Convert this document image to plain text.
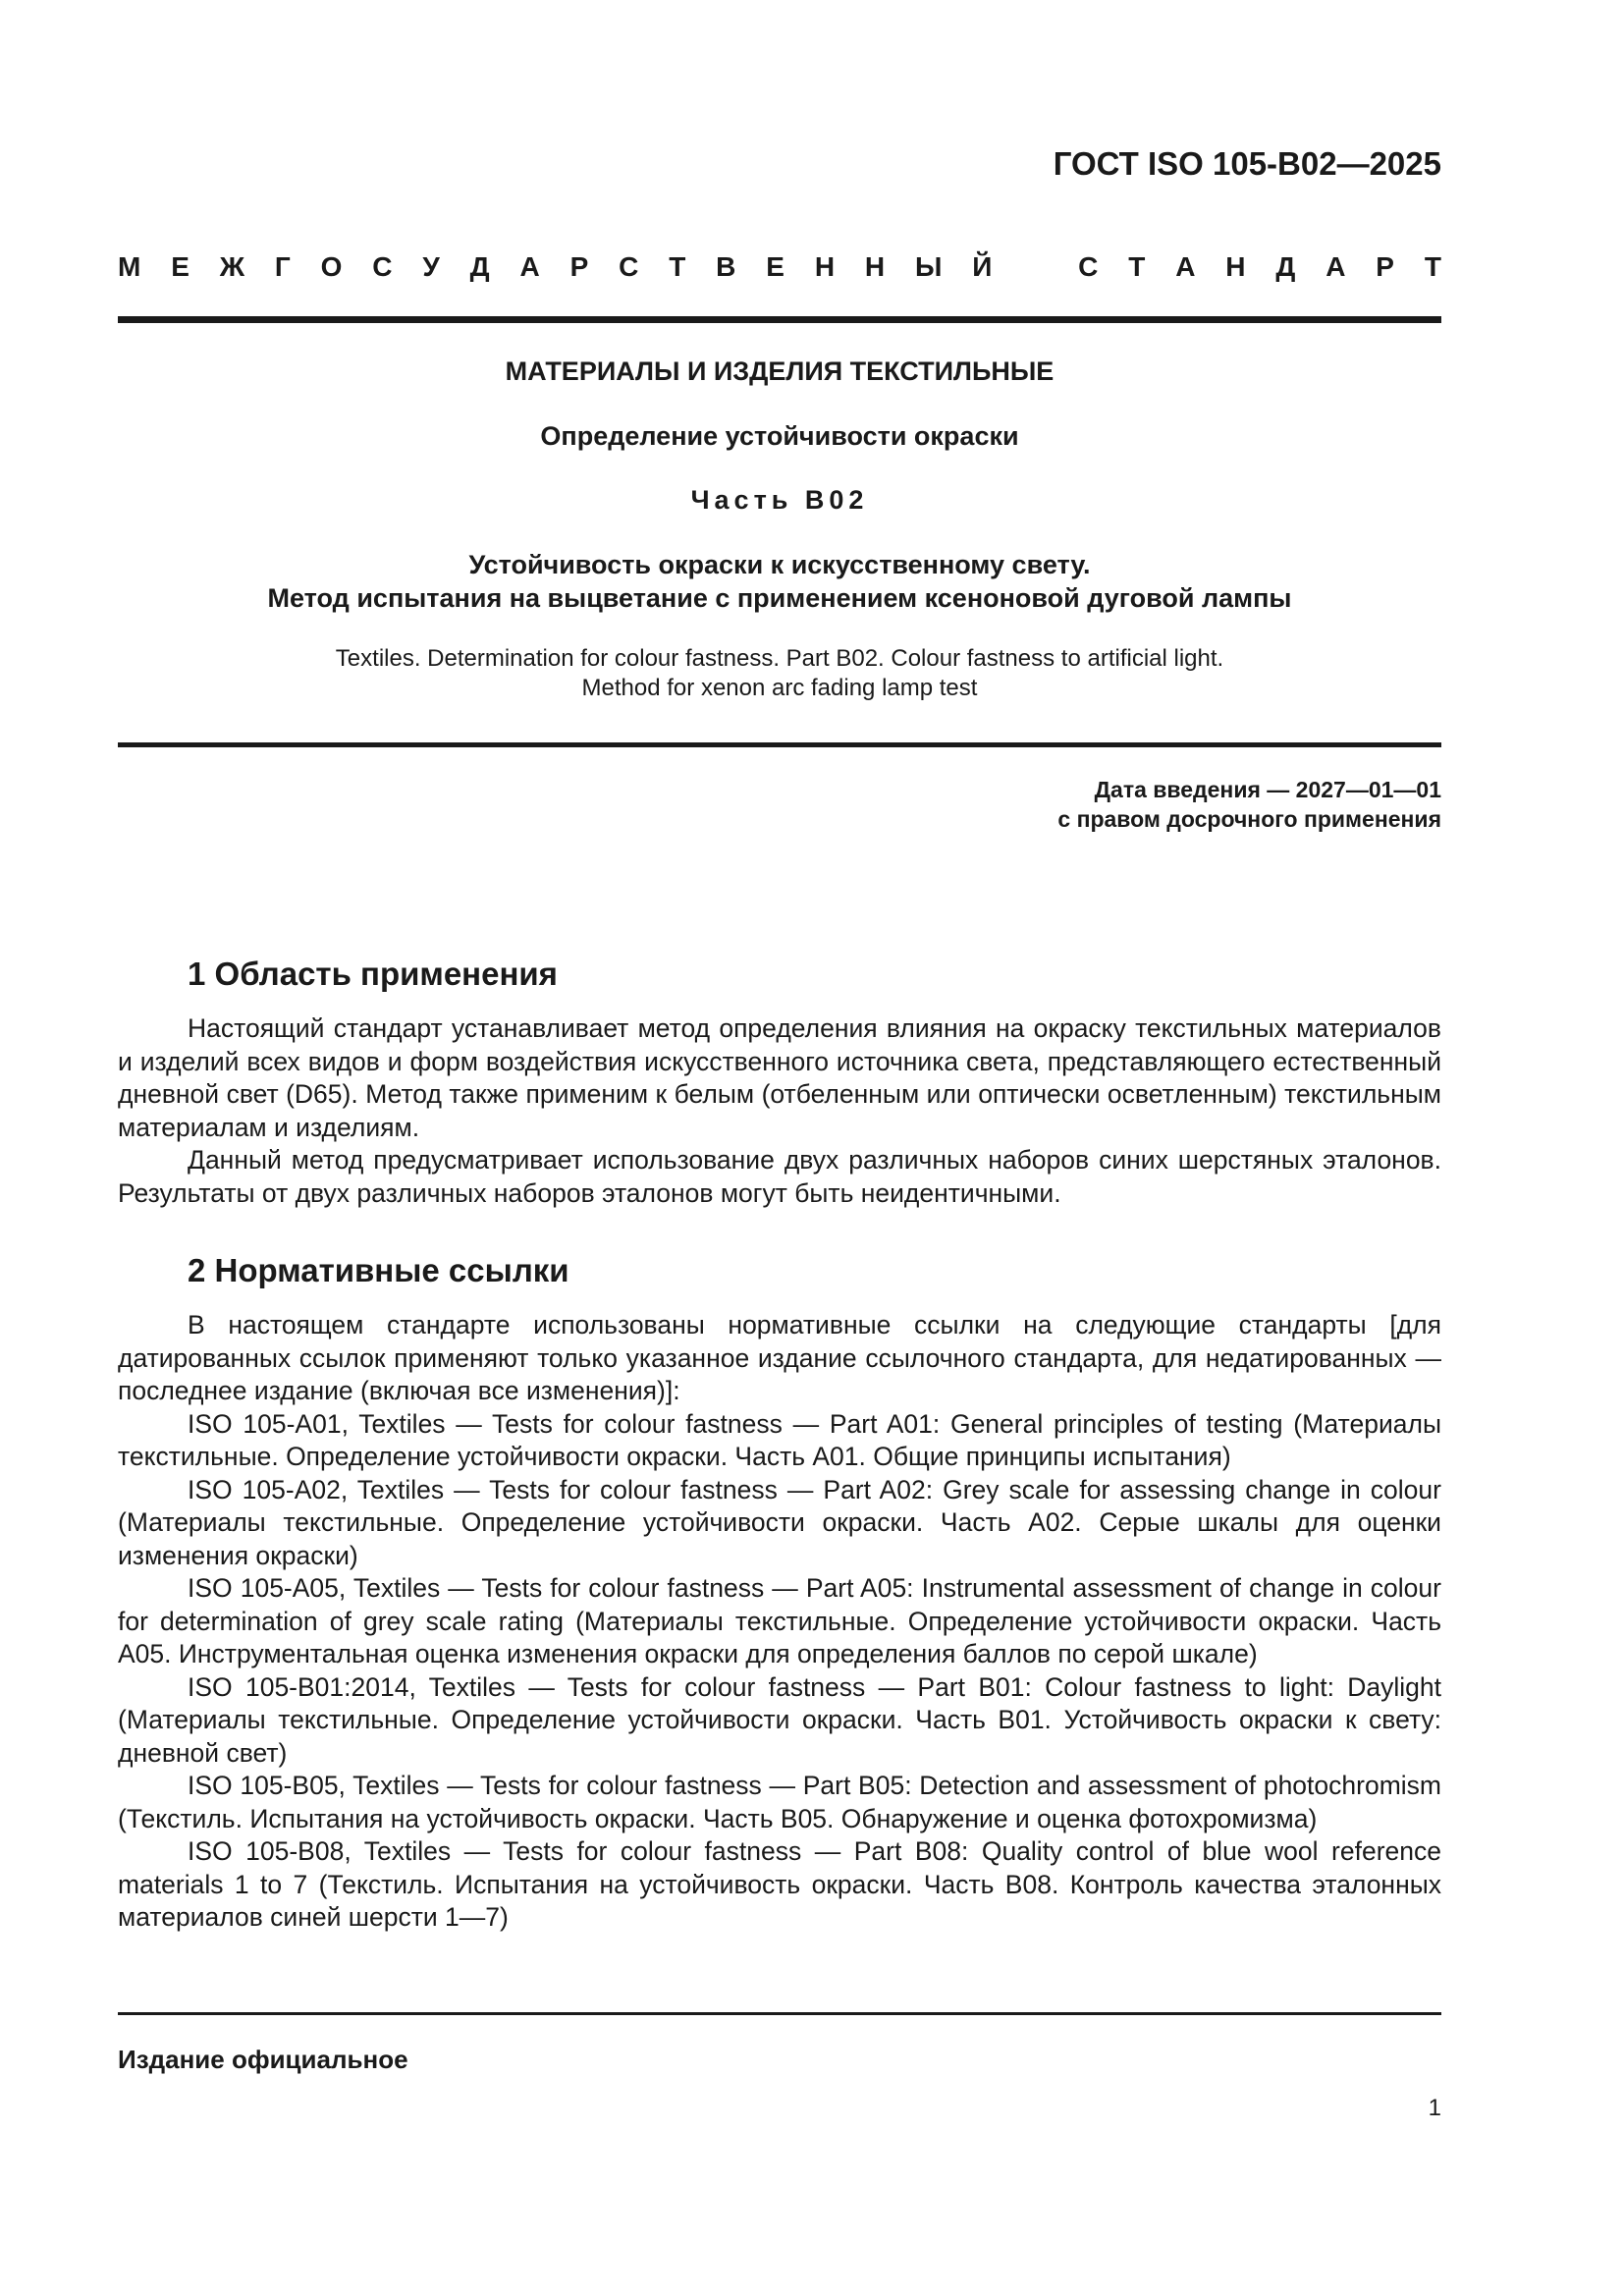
ГОСТ ISO 105-B02—2025
М Е Ж Г О С У Д А Р С Т В Е Н Н Ы Й	С Т А Н Д А Р Т
МАТЕРИАЛЫ И ИЗДЕЛИЯ ТЕКСТИЛЬНЫЕ
Определение устойчивости окраски
Часть B02
Устойчивость окраски к искусственному свету.
Метод испытания на выцветание с применением ксеноновой дуговой лампы
Textiles. Determination for colour fastness. Part B02. Colour fastness to artificial light.
Method for xenon arc fading lamp test
Дата введения — 2027—01—01
с правом досрочного применения
1 Область применения

Настоящий стандарт устанавливает метод определения влияния на окраску текстильных материалов и изделий всех видов и форм воздействия искусственного источника света, представляющего естественный дневной свет (D65). Метод также применим к белым (отбеленным или оптически осветленным) текстильным материалам и изделиям.

Данный метод предусматривает использование двух различных наборов синих шерстяных эталонов. Результаты от двух различных наборов эталонов могут быть неидентичными.

2 Нормативные ссылки

В настоящем стандарте использованы нормативные ссылки на следующие стандарты [для датированных ссылок применяют только указанное издание ссылочного стандарта, для недатированных — последнее издание (включая все изменения)]:

ISO 105-A01, Textiles — Tests for colour fastness — Part A01: General principles of testing (Материалы текстильные. Определение устойчивости окраски. Часть A01. Общие принципы испытания)

ISO 105-A02, Textiles — Tests for colour fastness — Part A02: Grey scale for assessing change in colour (Материалы текстильные. Определение устойчивости окраски. Часть A02. Серые шкалы для оценки изменения окраски)

ISO 105-A05, Textiles — Tests for colour fastness — Part A05: Instrumental assessment of change in colour for determination of grey scale rating (Материалы текстильные. Определение устойчивости окраски. Часть A05. Инструментальная оценка изменения окраски для определения баллов по серой шкале)

ISO 105-B01:2014, Textiles — Tests for colour fastness — Part B01: Colour fastness to light: Daylight (Материалы текстильные. Определение устойчивости окраски. Часть B01. Устойчивость окраски к свету: дневной свет)

ISO 105-B05, Textiles — Tests for colour fastness — Part B05: Detection and assessment of photochromism (Текстиль. Испытания на устойчивость окраски. Часть B05. Обнаружение и оценка фотохромизма)

ISO 105-B08, Textiles — Tests for colour fastness — Part B08: Quality control of blue wool reference materials 1 to 7 (Текстиль. Испытания на устойчивость окраски. Часть B08. Контроль качества эталонных материалов синей шерсти 1—7)

Издание официальное
1
